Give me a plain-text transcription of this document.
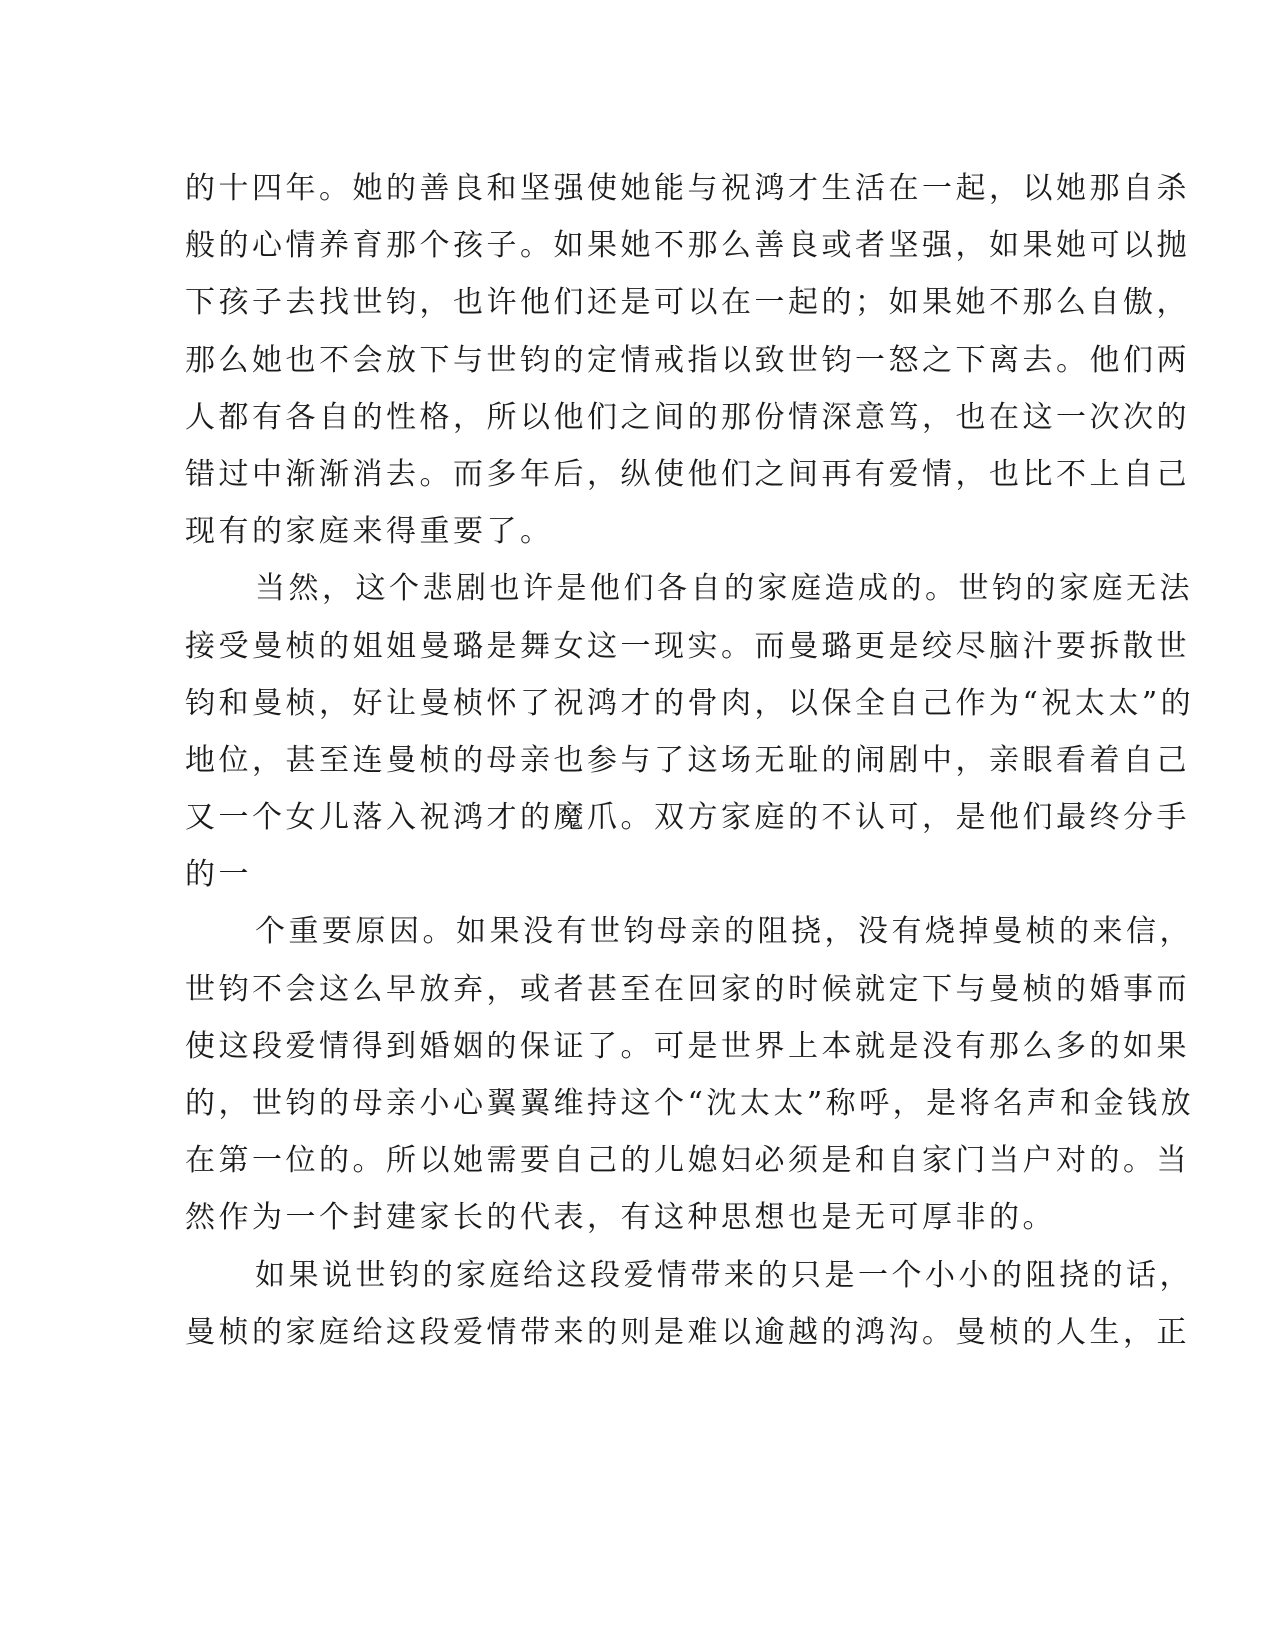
的十四年。她的善良和坚强使她能与祝鸿才生活在一起，以她那自杀
般的心情养育那个孩子。如果她不那么善良或者坚强，如果她可以抛
下孩子去找世钧，也许他们还是可以在一起的；如果她不那么自傲，
那么她也不会放下与世钧的定情戒指以致世钧一怒之下离去。他们两
人都有各自的性格，所以他们之间的那份情深意笃，也在这一次次的
错过中渐渐消去。而多年后，纵使他们之间再有爱情，也比不上自己
现有的家庭来得重要了。
当然，这个悲剧也许是他们各自的家庭造成的。世钧的家庭无法
接受曼桢的姐姐曼璐是舞女这一现实。而曼璐更是绞尽脑汁要拆散世
钧和曼桢，好让曼桢怀了祝鸿才的骨肉，以保全自己作为“祝太太”的
地位，甚至连曼桢的母亲也参与了这场无耻的闹剧中，亲眼看着自己
又一个女儿落入祝鸿才的魔爪。双方家庭的不认可，是他们最终分手
的一
个重要原因。如果没有世钧母亲的阻挠，没有烧掉曼桢的来信，
世钧不会这么早放弃，或者甚至在回家的时候就定下与曼桢的婚事而
使这段爱情得到婚姻的保证了。可是世界上本就是没有那么多的如果
的，世钧的母亲小心翼翼维持这个“沈太太”称呼，是将名声和金钱放
在第一位的。所以她需要自己的儿媳妇必须是和自家门当户对的。当
然作为一个封建家长的代表，有这种思想也是无可厚非的。
如果说世钧的家庭给这段爱情带来的只是一个小小的阻挠的话，
曼桢的家庭给这段爱情带来的则是难以逾越的鸿沟。曼桢的人生，正
